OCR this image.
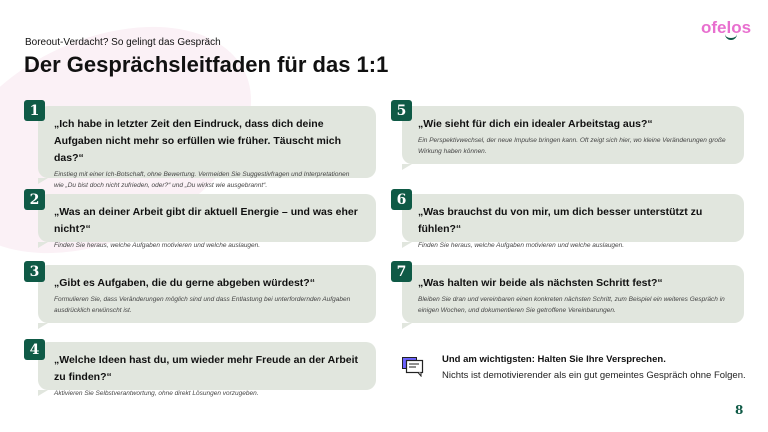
Boreout-Verdacht? So gelingt das Gespräch
Der Gesprächsleitfaden für das 1:1
ofelos
„Ich habe in letzter Zeit den Eindruck, dass dich deine Aufgaben nicht mehr so erfüllen wie früher. Täuscht mich das?“
Einstieg mit einer Ich-Botschaft, ohne Bewertung. Vermeiden Sie Suggestivfragen und Interpretationen wie „Du bist doch nicht zufrieden, oder?“ und „Du wirkst wie ausgebrannt“.
1
„Was an deiner Arbeit gibt dir aktuell Energie – und was eher nicht?“
Finden Sie heraus, welche Aufgaben motivieren und welche auslaugen.
2
„Gibt es Aufgaben, die du gerne abgeben würdest?“
Formulieren Sie, dass Veränderungen möglich sind und dass Entlastung bei unterfordernden Aufgaben ausdrücklich erwünscht ist.
3
„Welche Ideen hast du, um wieder mehr Freude an der Arbeit zu finden?“
Aktivieren Sie Selbstverantwortung, ohne direkt Lösungen vorzugeben.
4
„Wie sieht für dich ein idealer Arbeitstag aus?“
Ein Perspektivwechsel, der neue Impulse bringen kann. Oft zeigt sich hier, wo kleine Veränderungen große Wirkung haben können.
5
„Was brauchst du von mir, um dich besser unterstützt zu fühlen?“
Finden Sie heraus, welche Aufgaben motivieren und welche auslaugen.
6
„Was halten wir beide als nächsten Schritt fest?“
Bleiben Sie dran und vereinbaren einen konkreten nächsten Schritt, zum Beispiel ein weiteres Gespräch in einigen Wochen, und dokumentieren Sie getroffene Vereinbarungen.
7
Und am wichtigsten: Halten Sie Ihre Versprechen.
Nichts ist demotivierender als ein gut gemeintes Gespräch ohne Folgen.
8
